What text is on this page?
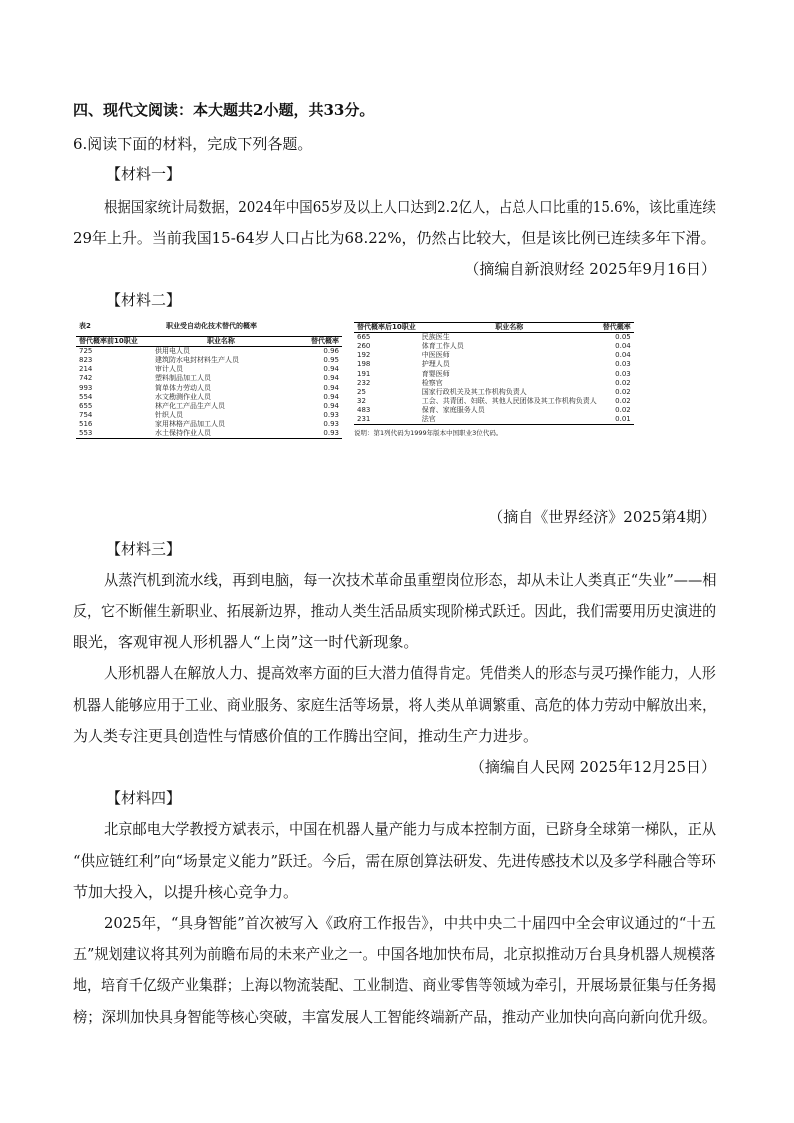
四、现代文阅读：本大题共2小题，共33分。
6.阅读下面的材料，完成下列各题。
【材料一】
根据国家统计局数据，2024年中国65岁及以上人口达到2.2亿人，占总人口比重的15.6%，该比重连续
29年上升。当前我国15-64岁人口占比为68.22%，仍然占比较大，但是该比例已连续多年下滑。
（摘编自新浪财经 2025年9月16日）
【材料二】
表2	职业受自动化技术替代的概率
替代概率前10职业	职业名称	替代概率
725	供用电人员	0.96
823	建筑防水电封材料生产人员	0.95
214	审计人员	0.94
742	塑料制品加工人员	0.94
993	简单体力劳动人员	0.94
554	水文勘测作业人员	0.94
655	林产化工产品生产人员	0.94
754	针织人员	0.93
516	家用林格产品加工人员	0.93
553	水土保持作业人员	0.93
替代概率后10职业	职业名称	替代概率
665	民族医生	0.05
260	体育工作人员	0.04
192	中医医师	0.04
198	护理人员	0.03
191	育婴医师	0.03
232	检察官	0.02
25	国家行政机关及其工作机构负责人	0.02
32	工会、共青团、妇联、其他人民团体及其工作机构负责人	0.02
483	保育、家庭服务人员	0.02
231	法官	0.01
说明：第1列代码为1999年版本中国职业3位代码。
（摘自《世界经济》2025第4期）
【材料三】
从蒸汽机到流水线，再到电脑，每一次技术革命虽重塑岗位形态，却从未让人类真正“失业”——相
反，它不断催生新职业、拓展新边界，推动人类生活品质实现阶梯式跃迁。因此，我们需要用历史演进的
眼光，客观审视人形机器人“上岗”这一时代新现象。
人形机器人在解放人力、提高效率方面的巨大潜力值得肯定。凭借类人的形态与灵巧操作能力，人形
机器人能够应用于工业、商业服务、家庭生活等场景，将人类从单调繁重、高危的体力劳动中解放出来，
为人类专注更具创造性与情感价值的工作腾出空间，推动生产力进步。
（摘编自人民网 2025年12月25日）
【材料四】
北京邮电大学教授方斌表示，中国在机器人量产能力与成本控制方面，已跻身全球第一梯队，正从
“供应链红利”向“场景定义能力”跃迁。今后，需在原创算法研发、先进传感技术以及多学科融合等环
节加大投入，以提升核心竞争力。
2025年，“具身智能”首次被写入《政府工作报告》，中共中央二十届四中全会审议通过的“十五
五”规划建议将其列为前瞻布局的未来产业之一。中国各地加快布局，北京拟推动万台具身机器人规模落
地，培育千亿级产业集群；上海以物流装配、工业制造、商业零售等领域为牵引，开展场景征集与任务揭
榜；深圳加快具身智能等核心突破，丰富发展人工智能终端新产品，推动产业加快向高向新向优升级。
